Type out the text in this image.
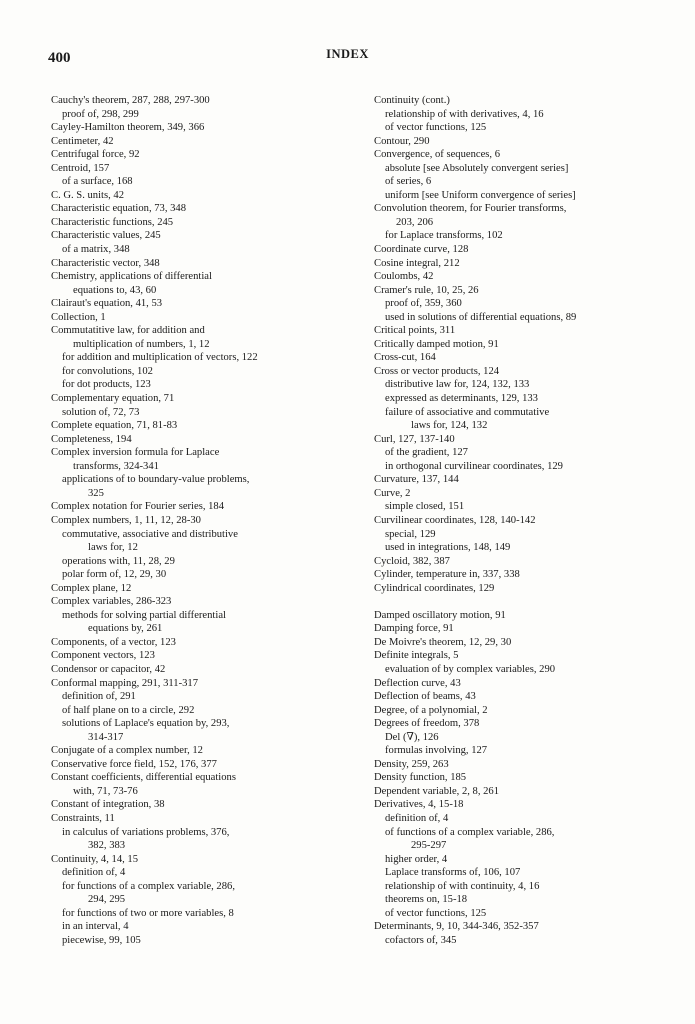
400	INDEX
Cauchy's theorem, 287, 288, 297-300
proof of, 298, 299
Cayley-Hamilton theorem, 349, 366
Centimeter, 42
Centrifugal force, 92
Centroid, 157
of a surface, 168
C. G. S. units, 42
Characteristic equation, 73, 348
Characteristic functions, 245
Characteristic values, 245
of a matrix, 348
Characteristic vector, 348
Chemistry, applications of differential
equations to, 43, 60
Clairaut's equation, 41, 53
Collection, 1
Commutatitive law, for addition and
multiplication of numbers, 1, 12
for addition and multiplication of vectors, 122
for convolutions, 102
for dot products, 123
Complementary equation, 71
solution of, 72, 73
Complete equation, 71, 81-83
Completeness, 194
Complex inversion formula for Laplace
transforms, 324-341
applications of to boundary-value problems,
325
Complex notation for Fourier series, 184
Complex numbers, 1, 11, 12, 28-30
commutative, associative and distributive
laws for, 12
operations with, 11, 28, 29
polar form of, 12, 29, 30
Complex plane, 12
Complex variables, 286-323
methods for solving partial differential
equations by, 261
Components, of a vector, 123
Component vectors, 123
Condensor or capacitor, 42
Conformal mapping, 291, 311-317
definition of, 291
of half plane on to a circle, 292
solutions of Laplace's equation by, 293,
314-317
Conjugate of a complex number, 12
Conservative force field, 152, 176, 377
Constant coefficients, differential equations
with, 71, 73-76
Constant of integration, 38
Constraints, 11
in calculus of variations problems, 376,
382, 383
Continuity, 4, 14, 15
definition of, 4
for functions of a complex variable, 286,
294, 295
for functions of two or more variables, 8
in an interval, 4
piecewise, 99, 105
Continuity (cont.)
relationship of with derivatives, 4, 16
of vector functions, 125
Contour, 290
Convergence, of sequences, 6
absolute [see Absolutely convergent series]
of series, 6
uniform [see Uniform convergence of series]
Convolution theorem, for Fourier transforms,
203, 206
for Laplace transforms, 102
Coordinate curve, 128
Cosine integral, 212
Coulombs, 42
Cramer's rule, 10, 25, 26
proof of, 359, 360
used in solutions of differential equations, 89
Critical points, 311
Critically damped motion, 91
Cross-cut, 164
Cross or vector products, 124
distributive law for, 124, 132, 133
expressed as determinants, 129, 133
failure of associative and commutative
laws for, 124, 132
Curl, 127, 137-140
of the gradient, 127
in orthogonal curvilinear coordinates, 129
Curvature, 137, 144
Curve, 2
simple closed, 151
Curvilinear coordinates, 128, 140-142
special, 129
used in integrations, 148, 149
Cycloid, 382, 387
Cylinder, temperature in, 337, 338
Cylindrical coordinates, 129
Damped oscillatory motion, 91
Damping force, 91
De Moivre's theorem, 12, 29, 30
Definite integrals, 5
evaluation of by complex variables, 290
Deflection curve, 43
Deflection of beams, 43
Degree, of a polynomial, 2
Degrees of freedom, 378
Del (∇), 126
formulas involving, 127
Density, 259, 263
Density function, 185
Dependent variable, 2, 8, 261
Derivatives, 4, 15-18
definition of, 4
of functions of a complex variable, 286,
295-297
higher order, 4
Laplace transforms of, 106, 107
relationship of with continuity, 4, 16
theorems on, 15-18
of vector functions, 125
Determinants, 9, 10, 344-346, 352-357
cofactors of, 345
